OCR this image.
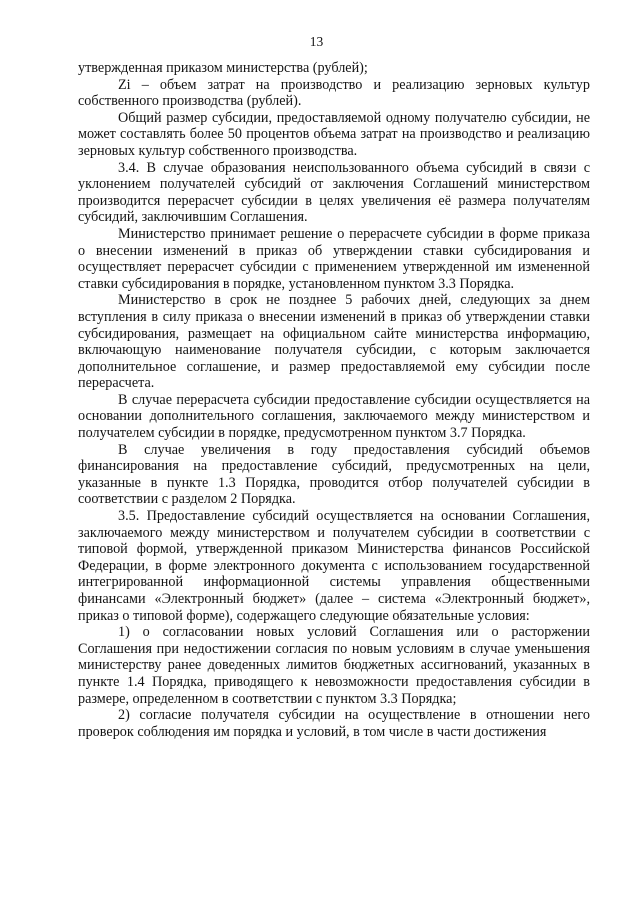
13

утвержденная приказом министерства (рублей);

Zi – объем затрат на производство и реализацию зерновых культур собственного производства (рублей).

Общий размер субсидии, предоставляемой одному получателю субсидии, не может составлять более 50 процентов объема затрат на производство и реализацию зерновых культур собственного производства.

3.4. В случае образования неиспользованного объема субсидий в связи с уклонением получателей субсидий от заключения Соглашений министерством производится перерасчет субсидии в целях увеличения её размера получателям субсидий, заключившим Соглашения.

Министерство принимает решение о перерасчете субсидии в форме приказа о внесении изменений в приказ об утверждении ставки субсидирования и осуществляет перерасчет субсидии с применением утвержденной им измененной ставки субсидирования в порядке, установленном пунктом 3.3 Порядка.

Министерство в срок не позднее 5 рабочих дней, следующих за днем вступления в силу приказа о внесении изменений в приказ об утверждении ставки субсидирования, размещает на официальном сайте министерства информацию, включающую наименование получателя субсидии, с которым заключается дополнительное соглашение, и размер предоставляемой ему субсидии после перерасчета.

В случае перерасчета субсидии предоставление субсидии осуществляется на основании дополнительного соглашения, заключаемого между министерством и получателем субсидии в порядке, предусмотренном пунктом 3.7 Порядка.

В случае увеличения в году предоставления субсидий объемов финансирования на предоставление субсидий, предусмотренных на цели, указанные в пункте 1.3 Порядка, проводится отбор получателей субсидии в соответствии с разделом 2 Порядка.

3.5. Предоставление субсидий осуществляется на основании Соглашения, заключаемого между министерством и получателем субсидии в соответствии с типовой формой, утвержденной приказом Министерства финансов Российской Федерации, в форме электронного документа с использованием государственной интегрированной информационной системы управления общественными финансами «Электронный бюджет» (далее – система «Электронный бюджет», приказ о типовой форме), содержащего следующие обязательные условия:

1) о согласовании новых условий Соглашения или о расторжении Соглашения при недостижении согласия по новым условиям в случае уменьшения министерству ранее доведенных лимитов бюджетных ассигнований, указанных в пункте 1.4 Порядка, приводящего к невозможности предоставления субсидии в размере, определенном в соответствии с пунктом 3.3 Порядка;

2) согласие получателя субсидии на осуществление в отношении него проверок соблюдения им порядка и условий, в том числе в части достижения
